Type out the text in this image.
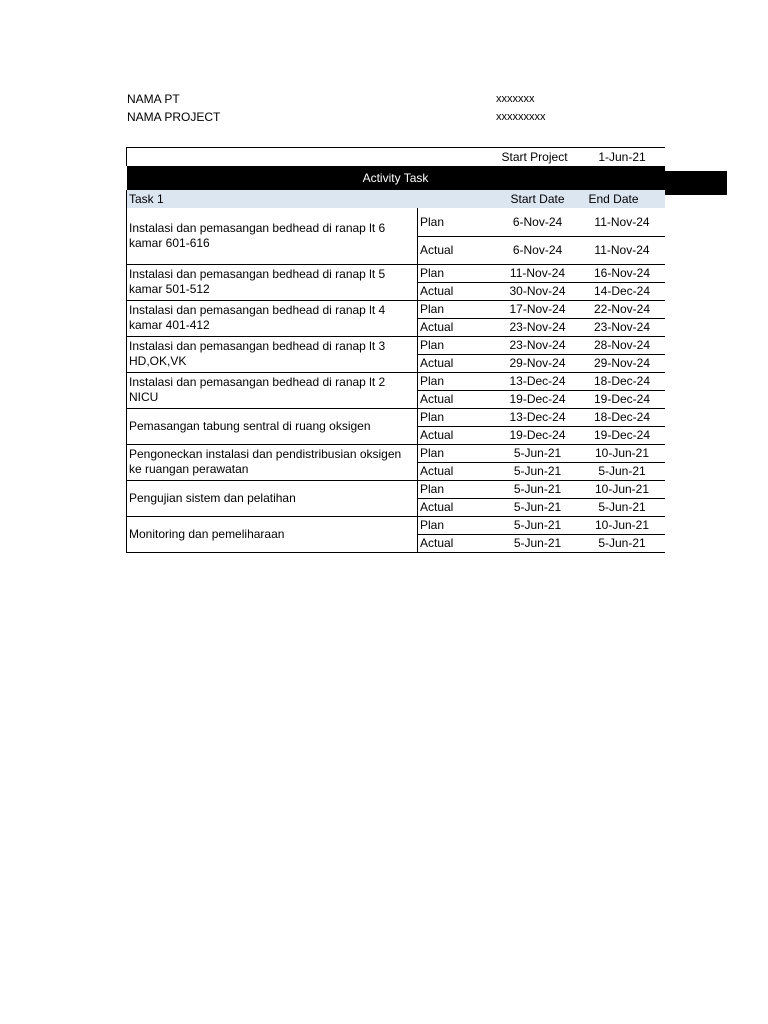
NAMA PT	xxxxxxx
NAMA PROJECT	xxxxxxxxx
		Start Project	1-Jun-21

Activity Task			

Task 1		Start Date	End Date
Instalasi dan pemasangan bedhead di ranap lt 6 kamar 601-616	Plan	6-Nov-24	11-Nov-24
	Actual	6-Nov-24	11-Nov-24
Instalasi dan pemasangan bedhead di ranap lt 5 kamar 501-512	Plan	11-Nov-24	16-Nov-24
	Actual	30-Nov-24	14-Dec-24
Instalasi dan pemasangan bedhead di ranap lt 4 kamar 401-412	Plan	17-Nov-24	22-Nov-24
	Actual	23-Nov-24	23-Nov-24
Instalasi dan pemasangan bedhead di ranap lt 3 HD,OK,VK	Plan	23-Nov-24	28-Nov-24
	Actual	29-Nov-24	29-Nov-24
Instalasi dan pemasangan bedhead di ranap lt 2 NICU	Plan	13-Dec-24	18-Dec-24
	Actual	19-Dec-24	19-Dec-24
Pemasangan tabung sentral di ruang oksigen	Plan	13-Dec-24	18-Dec-24
	Actual	19-Dec-24	19-Dec-24
Pengoneckan instalasi dan pendistribusian oksigen ke ruangan perawatan	Plan	5-Jun-21	10-Jun-21
	Actual	5-Jun-21	5-Jun-21
Pengujian sistem dan pelatihan	Plan	5-Jun-21	10-Jun-21
	Actual	5-Jun-21	5-Jun-21
Monitoring dan pemeliharaan	Plan	5-Jun-21	10-Jun-21
	Actual	5-Jun-21	5-Jun-21
